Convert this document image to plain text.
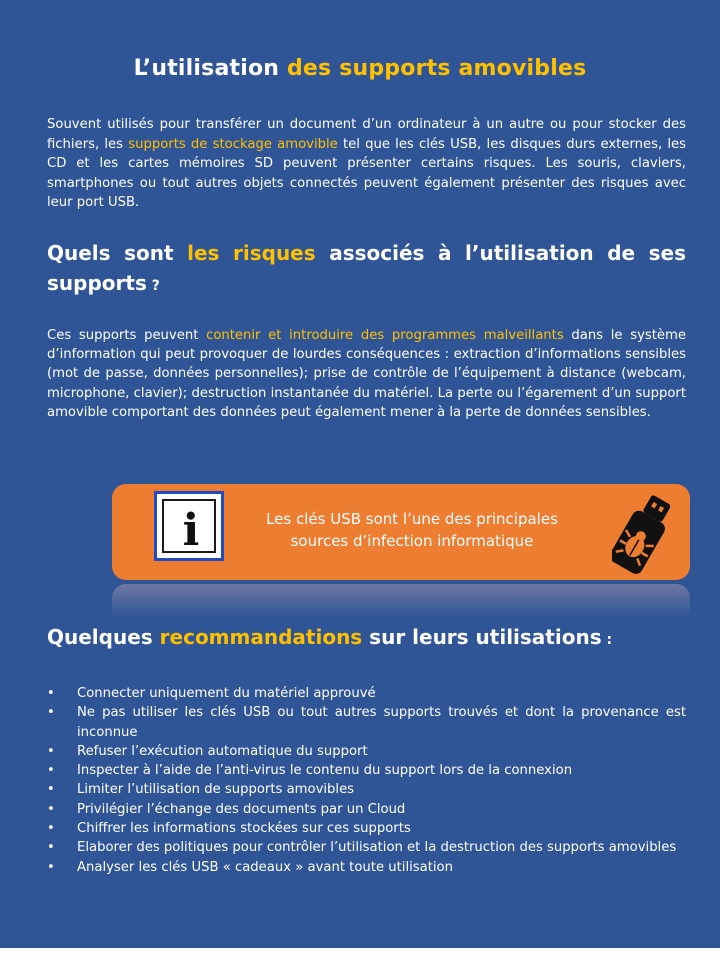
L’utilisation des supports amovibles

Souvent utilisés pour transférer un document d’un ordinateur à un autre ou pour stocker des fichiers, les supports de stockage amovible tel que les clés USB, les disques durs externes, les CD et les cartes mémoires SD peuvent présenter certains risques. Les souris, claviers, smartphones ou tout autres objets connectés peuvent également présenter des risques avec leur port USB.

Quels sont les risques associés à l’utilisation de ses supports ?

Ces supports peuvent contenir et introduire des programmes malveillants dans le système d’information qui peut provoquer de lourdes conséquences : extraction d’informations sensibles (mot de passe, données personnelles); prise de contrôle de l’équipement à distance (webcam, microphone, clavier); destruction instantanée du matériel. La perte ou l’égarement d’un support amovible comportant des données peut également mener à la perte de données sensibles.

i	Les clés USB sont l’une des principales
sources d’infection informatique
Quelques recommandations sur leurs utilisations :
• Connecter uniquement du matériel approuvé
• Ne pas utiliser les clés USB ou tout autres supports trouvés et dont la provenance est inconnue
• Refuser l’exécution automatique du support
• Inspecter à l’aide de l’anti-virus le contenu du support lors de la connexion
• Limiter l’utilisation de supports amovibles
• Privilégier l’échange des documents par un Cloud
• Chiffrer les informations stockées sur ces supports
• Elaborer des politiques pour contrôler l’utilisation et la destruction des supports amovibles
• Analyser les clés USB « cadeaux » avant toute utilisation
